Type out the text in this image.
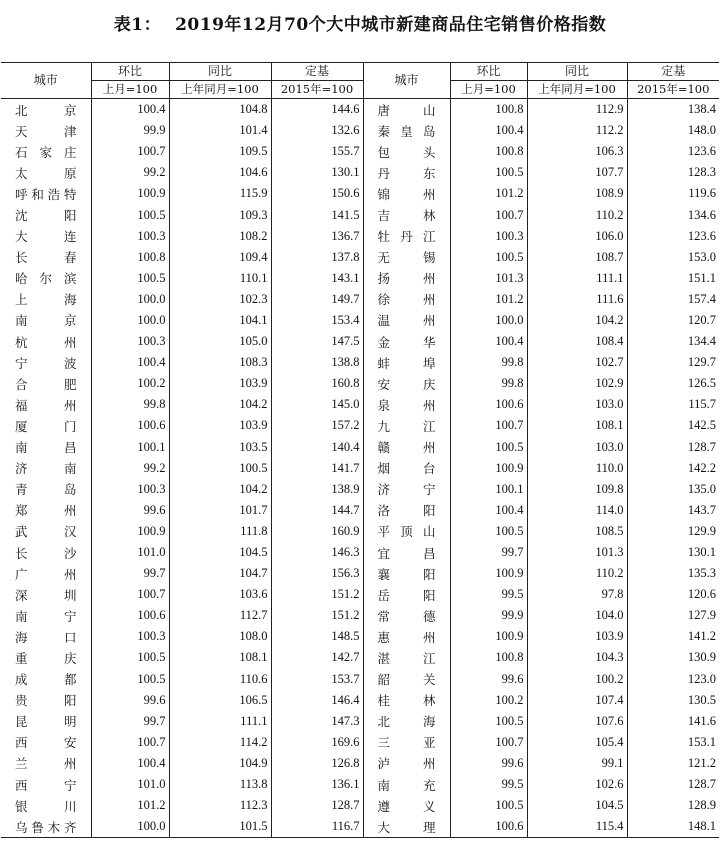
表1： 2019年12月70个大中城市新建商品住宅销售价格指数
城市	环比	同比	定基	城市	环比	同比	定基
	上月=100	上年同月=100	2015年=100		上月=100	上年同月=100	2015年=100
北京	100.4	104.8	144.6	唐山	100.8	112.9	138.4
天津	99.9	101.4	132.6	秦皇岛	100.4	112.2	148.0
石家庄	100.7	109.5	155.7	包头	100.8	106.3	123.6
太原	99.2	104.6	130.1	丹东	100.5	107.7	128.3
呼和浩特	100.9	115.9	150.6	锦州	101.2	108.9	119.6
沈阳	100.5	109.3	141.5	吉林	100.7	110.2	134.6
大连	100.3	108.2	136.7	牡丹江	100.3	106.0	123.6
长春	100.8	109.4	137.8	无锡	100.5	108.7	153.0
哈尔滨	100.5	110.1	143.1	扬州	101.3	111.1	151.1
上海	100.0	102.3	149.7	徐州	101.2	111.6	157.4
南京	100.0	104.1	153.4	温州	100.0	104.2	120.7
杭州	100.3	105.0	147.5	金华	100.4	108.4	134.4
宁波	100.4	108.3	138.8	蚌埠	99.8	102.7	129.7
合肥	100.2	103.9	160.8	安庆	99.8	102.9	126.5
福州	99.8	104.2	145.0	泉州	100.6	103.0	115.7
厦门	100.6	103.9	157.2	九江	100.7	108.1	142.5
南昌	100.1	103.5	140.4	赣州	100.5	103.0	128.7
济南	99.2	100.5	141.7	烟台	100.9	110.0	142.2
青岛	100.3	104.2	138.9	济宁	100.1	109.8	135.0
郑州	99.6	101.7	144.7	洛阳	100.4	114.0	143.7
武汉	100.9	111.8	160.9	平顶山	100.5	108.5	129.9
长沙	101.0	104.5	146.3	宜昌	99.7	101.3	130.1
广州	99.7	104.7	156.3	襄阳	100.9	110.2	135.3
深圳	100.7	103.6	151.2	岳阳	99.5	97.8	120.6
南宁	100.6	112.7	151.2	常德	99.9	104.0	127.9
海口	100.3	108.0	148.5	惠州	100.9	103.9	141.2
重庆	100.5	108.1	142.7	湛江	100.8	104.3	130.9
成都	100.5	110.6	153.7	韶关	99.6	100.2	123.0
贵阳	99.6	106.5	146.4	桂林	100.2	107.4	130.5
昆明	99.7	111.1	147.3	北海	100.5	107.6	141.6
西安	100.7	114.2	169.6	三亚	100.7	105.4	153.1
兰州	100.4	104.9	126.8	泸州	99.6	99.1	121.2
西宁	101.0	113.8	136.1	南充	99.5	102.6	128.7
银川	101.2	112.3	128.7	遵义	100.5	104.5	128.9
乌鲁木齐	100.0	101.5	116.7	大理	100.6	115.4	148.1
